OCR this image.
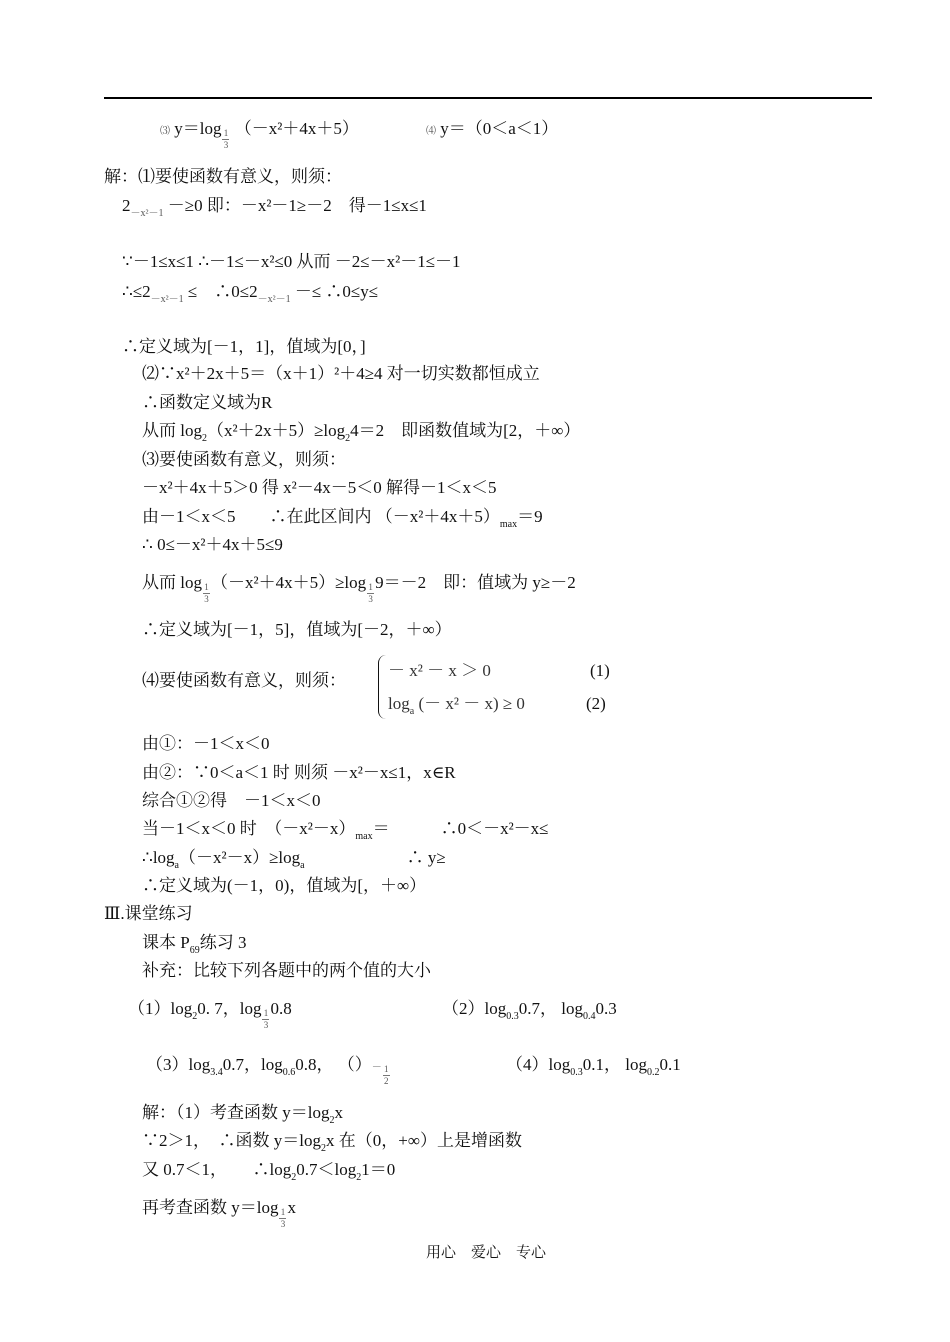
⑶ $y=\log \frac{1}{3} (-x^2+4x+5)$	⑷ y＝（0＜a＜1）
解：⑴要使函数有意义，则须：
$2_{-x^2-1} -\ge 0$ 即：－x²－1≥－2　得－1≤x≤1
∵－1≤x≤1 ∴－1≤－x²≤0 从而 －2≤－x²－1≤－1
$\therefore\le 2_{-x^2-1}$ ≤　$\therefore 0\le 2_{-x^2-1}$ －≤ ∴0≤y≤
∴定义域为[－1，1]，值域为[0，]
⑵∵x²＋2x＋5＝（x＋1）²＋4≥4 对一切实数都恒成立
∴函数定义域为R
从而 $\log_2(x^2+2x+5)\ge\log_24=2$　即函数值域为[2，＋∞）
⑶要使函数有意义，则须：
－x²＋4x＋5＞0 得 x²－4x－5＜0 解得－1＜x＜5
由－1＜x＜5　　∴在此区间内 $(-x^2+4x+5)_{max}=9$
∴ 0≤－x²＋4x＋5≤9
从而 $\log \frac{1}{3} (-x^2+4x+5)\ge\log \frac{1}{3} 9=-2$　即：值域为 y≥－2
∴定义域为[－1，5]，值域为[－2，＋∞）
⑷要使函数有意义，则须：
－ x² － x ＞ 0	(1)
$\log_a$ (－ x² － x) ≥ 0	(2)
由①：－1＜x＜0
由②：∵0＜a＜1 时 则须 －x²－x≤1，x∈R
综合①②得　－1＜x＜0
当－1＜x＜0 时　$(-x^2-x)_{max}=$　　　∴0＜－x²－x≤
$\therefore\log_a(-x^2-x)\ge\log_a$　　　　　　∴ y≥
∴定义域为(－1，0)，值域为[，＋∞）
Ⅲ.课堂练习
课本 $P_{69}$练习 3
补充：比较下列各题中的两个值的大小
$(1)\log_20$. 7，$\log \frac{1}{3} 0.8$	$(2)\log_{0.3}0.7$， $\log_{0.4}0.3$
$(3)\log_{3.4}0.7$，$\log_{0.6}0.8$， （）－ $\frac{1}{2}$	$(4)\log_{0.3}0.1$， $\log_{0.2}0.1$
解：（1）考查函数 $y=\log_2x$
∵2＞1，　∴函数 $y=\log_2x$ 在（0，+∞）上是增函数
又 0.7＜1，　　$\therefore\log_20.7<\log_21=0$
再考查函数 $y=\log \frac{1}{3}$ x
用心　爱心　专心
